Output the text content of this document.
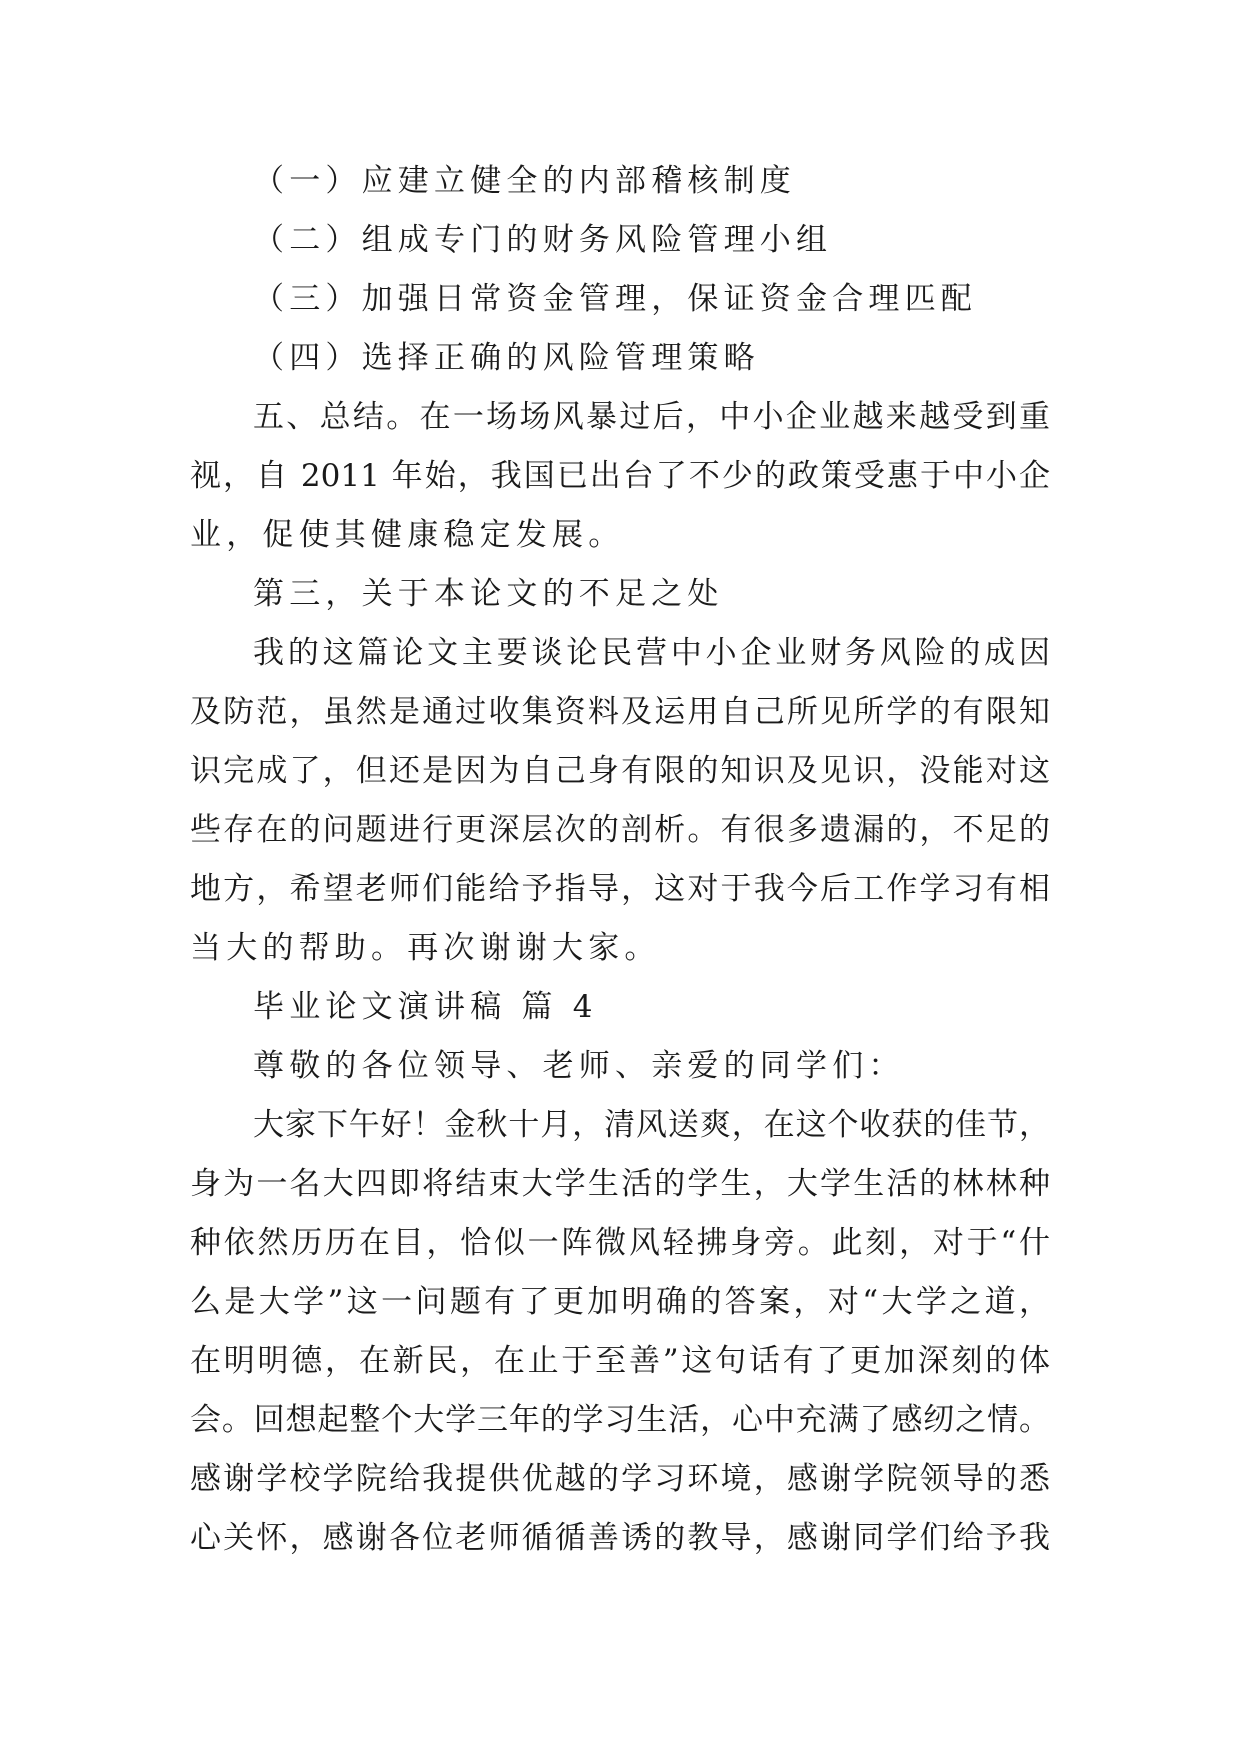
（一）应建立健全的内部稽核制度
（二）组成专门的财务风险管理小组
（三）加强日常资金管理，保证资金合理匹配
（四）选择正确的风险管理策略
五、总结。在一场场风暴过后，中小企业越来越受到重
视，自 2011 年始，我国已出台了不少的政策受惠于中小企
业，促使其健康稳定发展。
第三，关于本论文的不足之处
我的这篇论文主要谈论民营中小企业财务风险的成因
及防范，虽然是通过收集资料及运用自己所见所学的有限知
识完成了，但还是因为自己身有限的知识及见识，没能对这
些存在的问题进行更深层次的剖析。有很多遗漏的，不足的
地方，希望老师们能给予指导，这对于我今后工作学习有相
当大的帮助。再次谢谢大家。
毕业论文演讲稿 篇 4
尊敬的各位领导、老师、亲爱的同学们：
大家下午好！金秋十月，清风送爽，在这个收获的佳节，
身为一名大四即将结束大学生活的学生，大学生活的林林种
种依然历历在目，恰似一阵微风轻拂身旁。此刻，对于“什
么是大学”这一问题有了更加明确的答案，对“大学之道，
在明明德，在新民，在止于至善”这句话有了更加深刻的体
会。回想起整个大学三年的学习生活，心中充满了感纫之情。
感谢学校学院给我提供优越的学习环境，感谢学院领导的悉
心关怀，感谢各位老师循循善诱的教导，感谢同学们给予我
